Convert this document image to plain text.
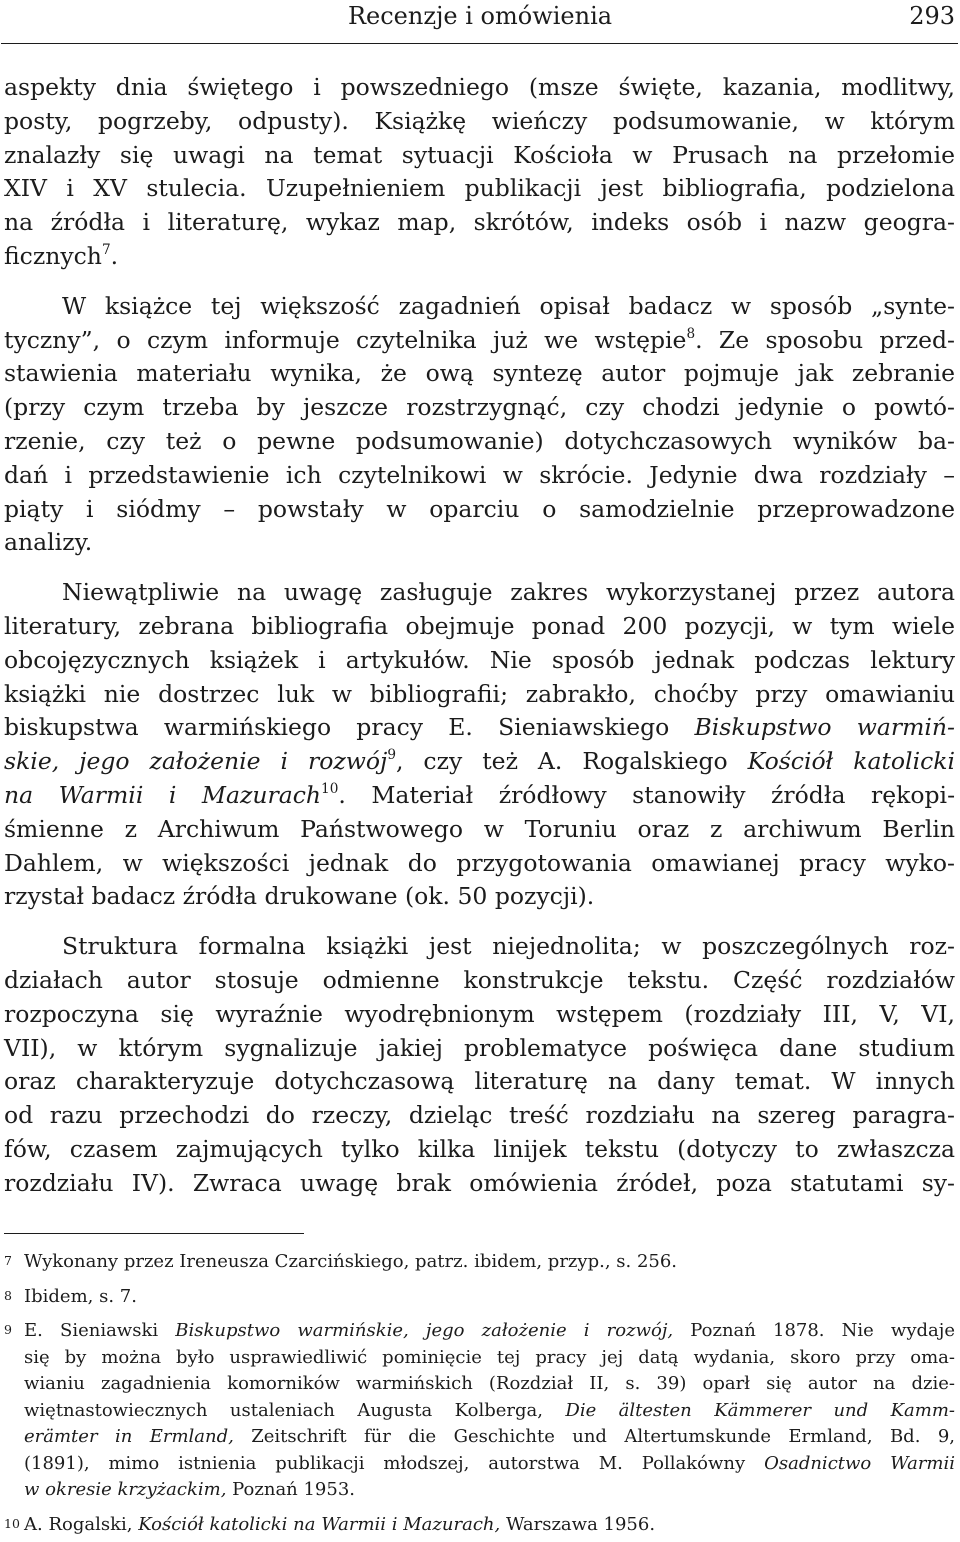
Recenzje i omówienia	293
aspekty dnia świętego i powszedniego (msze święte, kazania, modlitwy,
posty, pogrzeby, odpusty). Książkę wieńczy podsumowanie, w którym
znalazły się uwagi na temat sytuacji Kościoła w Prusach na przełomie
XIV i XV stulecia. Uzupełnieniem publikacji jest bibliografia, podzielona
na źródła i literaturę, wykaz map, skrótów, indeks osób i nazw geogra-
ficznych$^7$.
W książce tej większość zagadnień opisał badacz w sposób „synte-
tyczny”, o czym informuje czytelnika już we wstępie$^8$. Ze sposobu przed-
stawienia materiału wynika, że ową syntezę autor pojmuje jak zebranie
(przy czym trzeba by jeszcze rozstrzygnąć, czy chodzi jedynie o powtó-
rzenie, czy też o pewne podsumowanie) dotychczasowych wyników ba-
dań i przedstawienie ich czytelnikowi w skrócie. Jedynie dwa rozdziały –
piąty i siódmy – powstały w oparciu o samodzielnie przeprowadzone
analizy.
Niewątpliwie na uwagę zasługuje zakres wykorzystanej przez autora
literatury, zebrana bibliografia obejmuje ponad 200 pozycji, w tym wiele
obcojęzycznych książek i artykułów. Nie sposób jednak podczas lektury
książki nie dostrzec luk w bibliografii; zabrakło, choćby przy omawianiu
biskupstwa warmińskiego pracy E. Sieniawskiego Biskupstwo warmiń-
skie, jego założenie i rozwój$^9$, czy też A. Rogalskiego Kościół katolicki
na Warmii i Mazurach$^{10}$. Materiał źródłowy stanowiły źródła rękopi-
śmienne z Archiwum Państwowego w Toruniu oraz z archiwum Berlin
Dahlem, w większości jednak do przygotowania omawianej pracy wyko-
rzystał badacz źródła drukowane (ok. 50 pozycji).
Struktura formalna książki jest niejednolita; w poszczególnych roz-
działach autor stosuje odmienne konstrukcje tekstu. Część rozdziałów
rozpoczyna się wyraźnie wyodrębnionym wstępem (rozdziały III, V, VI,
VII), w którym sygnalizuje jakiej problematyce poświęca dane studium
oraz charakteryzuje dotychczasową literaturę na dany temat. W innych
od razu przechodzi do rzeczy, dzieląc treść rozdziału na szereg paragra-
fów, czasem zajmujących tylko kilka linijek tekstu (dotyczy to zwłaszcza
rozdziału IV). Zwraca uwagę brak omówienia źródeł, poza statutami sy-
7 Wykonany przez Ireneusza Czarcińskiego, patrz. ibidem, przyp., s. 256.
8 Ibidem, s. 7.
9 E. Sieniawski Biskupstwo warmińskie, jego założenie i rozwój, Poznań 1878. Nie wydaje
się by można było usprawiedliwić pominięcie tej pracy jej datą wydania, skoro przy oma-
wianiu zagadnienia komorników warmińskich (Rozdział II, s. 39) oparł się autor na dzie-
więtnastowiecznych ustaleniach Augusta Kolberga, Die ältesten Kämmerer und Kamm-
erämter in Ermland, Zeitschrift für die Geschichte und Altertumskunde Ermland, Bd. 9,
(1891), mimo istnienia publikacji młodszej, autorstwa M. Pollakówny Osadnictwo Warmii
w okresie krzyżackim, Poznań 1953.
10 A. Rogalski, Kościół katolicki na Warmii i Mazurach, Warszawa 1956.
